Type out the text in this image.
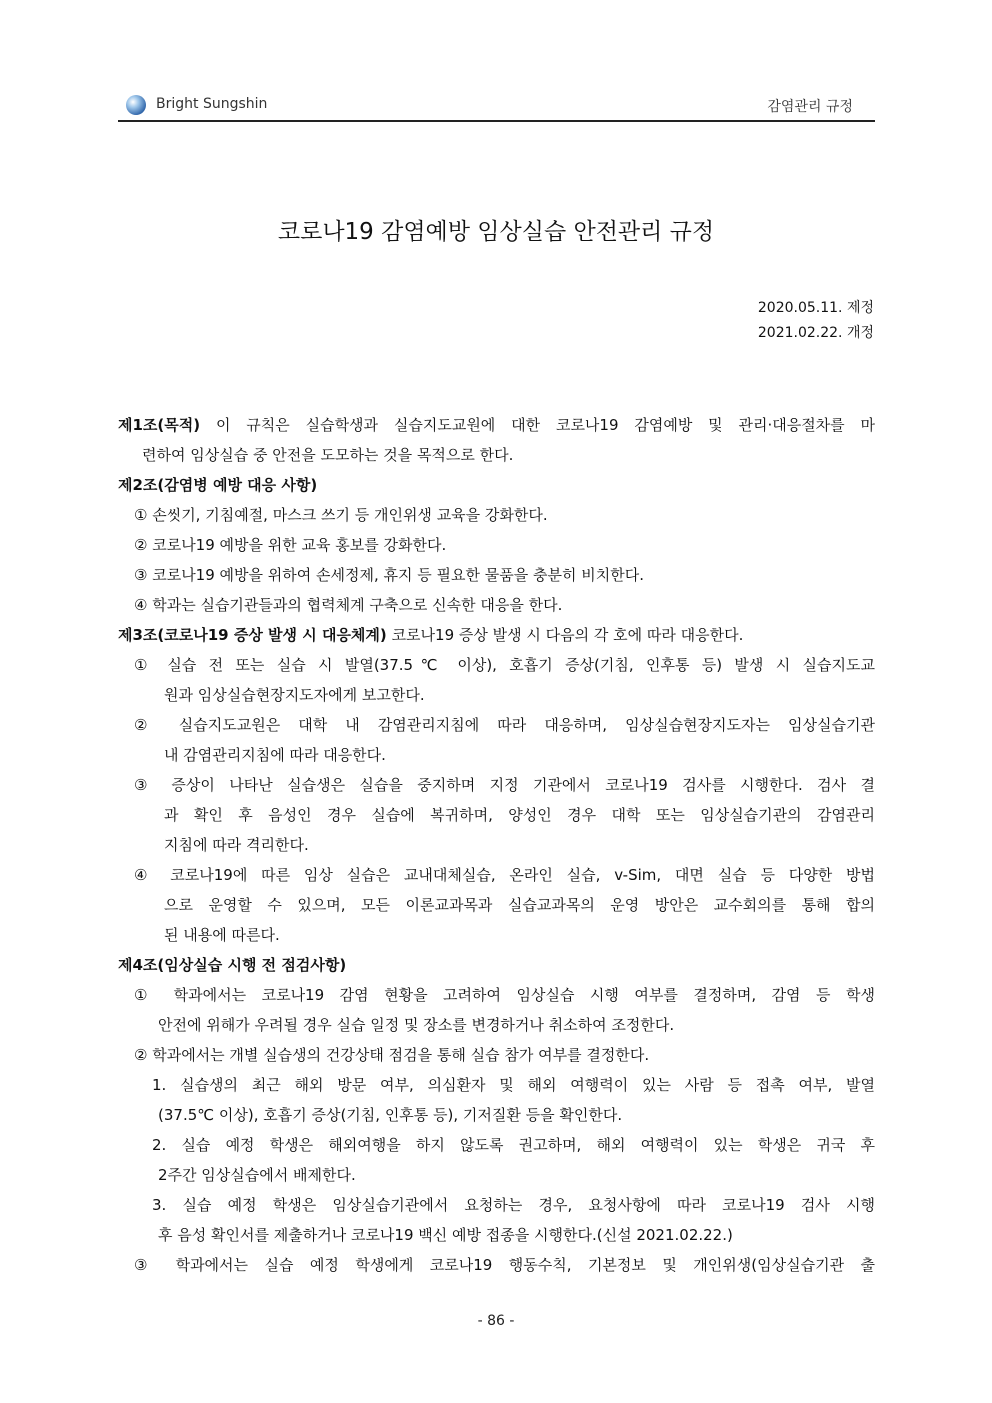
Bright Sungshin	감염관리 규정
코로나19 감염예방 임상실습 안전관리 규정
2020.05.11. 제정
2021.02.22. 개정
제1조(목적) 이 규칙은 실습학생과 실습지도교원에 대한 코로나19 감염예방 및 관리·대응절차를 마
련하여 임상실습 중 안전을 도모하는 것을 목적으로 한다.
제2조(감염병 예방 대응 사항)
① 손씻기, 기침예절, 마스크 쓰기 등 개인위생 교육을 강화한다.
② 코로나19 예방을 위한 교육 홍보를 강화한다.
③ 코로나19 예방을 위하여 손세정제, 휴지 등 필요한 물품을 충분히 비치한다.
④ 학과는 실습기관들과의 협력체계 구축으로 신속한 대응을 한다.
제3조(코로나19 증상 발생 시 대응체계) 코로나19 증상 발생 시 다음의 각 호에 따라 대응한다.
① 실습 전 또는 실습 시 발열(37.5℃ 이상), 호흡기 증상(기침, 인후통 등) 발생 시 실습지도교
원과 임상실습현장지도자에게 보고한다.
② 실습지도교원은 대학 내 감염관리지침에 따라 대응하며, 임상실습현장지도자는 임상실습기관
내 감염관리지침에 따라 대응한다.
③ 증상이 나타난 실습생은 실습을 중지하며 지정 기관에서 코로나19 검사를 시행한다. 검사 결
과 확인 후 음성인 경우 실습에 복귀하며, 양성인 경우 대학 또는 임상실습기관의 감염관리
지침에 따라 격리한다.
④ 코로나19에 따른 임상 실습은 교내대체실습, 온라인 실습, v-Sim, 대면 실습 등 다양한 방법
으로 운영할 수 있으며, 모든 이론교과목과 실습교과목의 운영 방안은 교수회의를 통해 합의
된 내용에 따른다.
제4조(임상실습 시행 전 점검사항)
① 학과에서는 코로나19 감염 현황을 고려하여 임상실습 시행 여부를 결정하며, 감염 등 학생
안전에 위해가 우려될 경우 실습 일정 및 장소를 변경하거나 취소하여 조정한다.
② 학과에서는 개별 실습생의 건강상태 점검을 통해 실습 참가 여부를 결정한다.
1. 실습생의 최근 해외 방문 여부, 의심환자 및 해외 여행력이 있는 사람 등 접촉 여부, 발열
(37.5℃ 이상), 호흡기 증상(기침, 인후통 등), 기저질환 등을 확인한다.
2. 실습 예정 학생은 해외여행을 하지 않도록 권고하며, 해외 여행력이 있는 학생은 귀국 후
2주간 임상실습에서 배제한다.
3. 실습 예정 학생은 임상실습기관에서 요청하는 경우, 요청사항에 따라 코로나19 검사 시행
후 음성 확인서를 제출하거나 코로나19 백신 예방 접종을 시행한다.(신설 2021.02.22.)
③ 학과에서는 실습 예정 학생에게 코로나19 행동수칙, 기본정보 및 개인위생(임상실습기관 출
- 86 -
